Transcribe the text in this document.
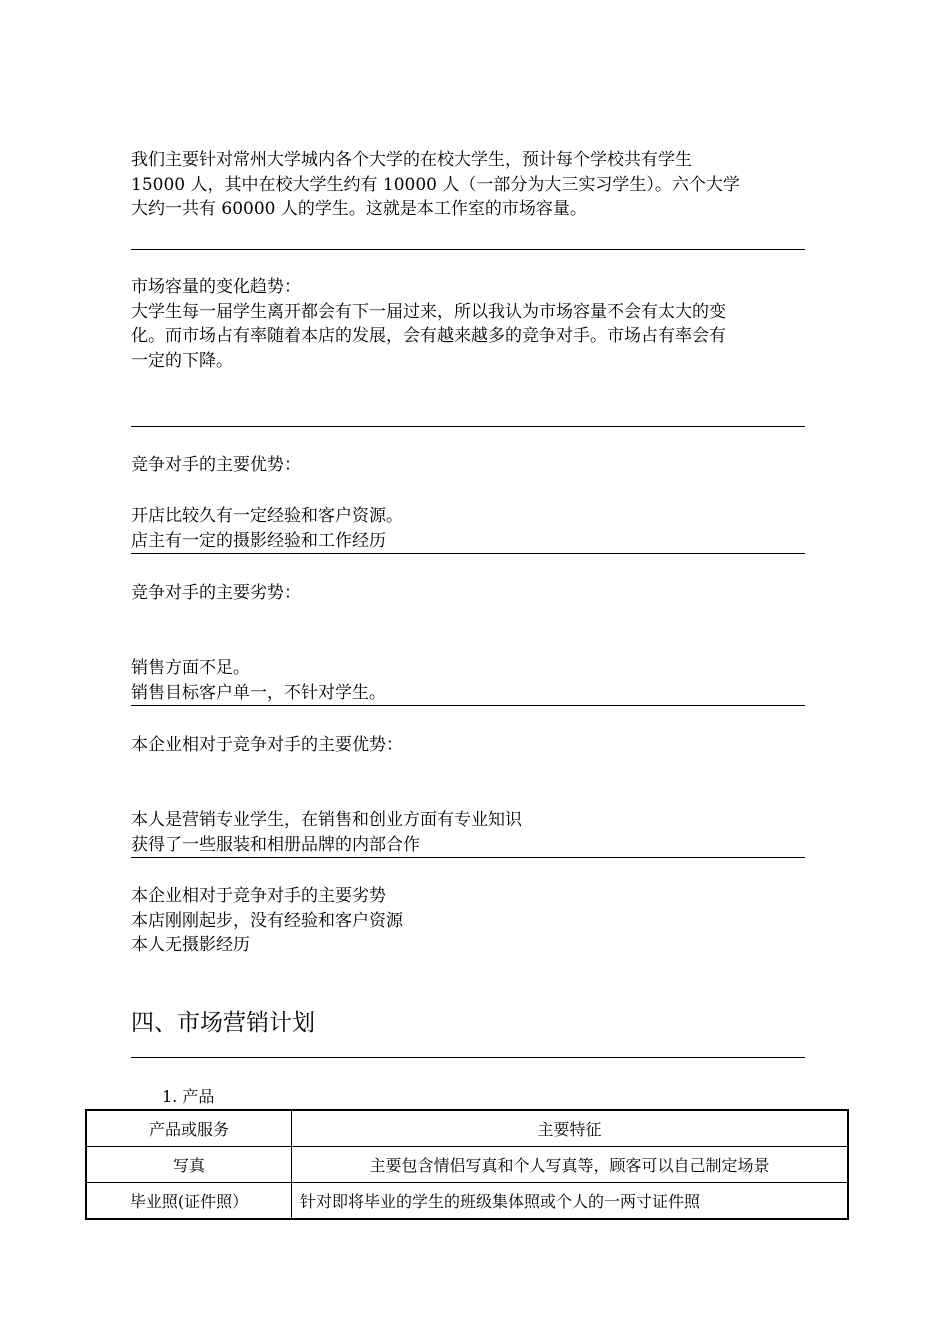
我们主要针对常州大学城内各个大学的在校大学生，预计每个学校共有学生
15000 人，其中在校大学生约有 10000 人（一部分为大三实习学生）。六个大学
大约一共有 60000 人的学生。这就是本工作室的市场容量。

市场容量的变化趋势：
大学生每一届学生离开都会有下一届过来，所以我认为市场容量不会有太大的变
化。而市场占有率随着本店的发展，会有越来越多的竞争对手。市场占有率会有
一定的下降。

竞争对手的主要优势：

开店比较久有一定经验和客户资源。
店主有一定的摄影经验和工作经历

竞争对手的主要劣势：

销售方面不足。
销售目标客户单一，不针对学生。

本企业相对于竞争对手的主要优势：

本人是营销专业学生，在销售和创业方面有专业知识
获得了一些服装和相册品牌的内部合作

本企业相对于竞争对手的主要劣势
本店刚刚起步，没有经验和客户资源
本人无摄影经历

四、市场营销计划

1. 产品

产品或服务	主要特征
写真	主要包含情侣写真和个人写真等，顾客可以自己制定场景
毕业照(证件照）	针对即将毕业的学生的班级集体照或个人的一两寸证件照
